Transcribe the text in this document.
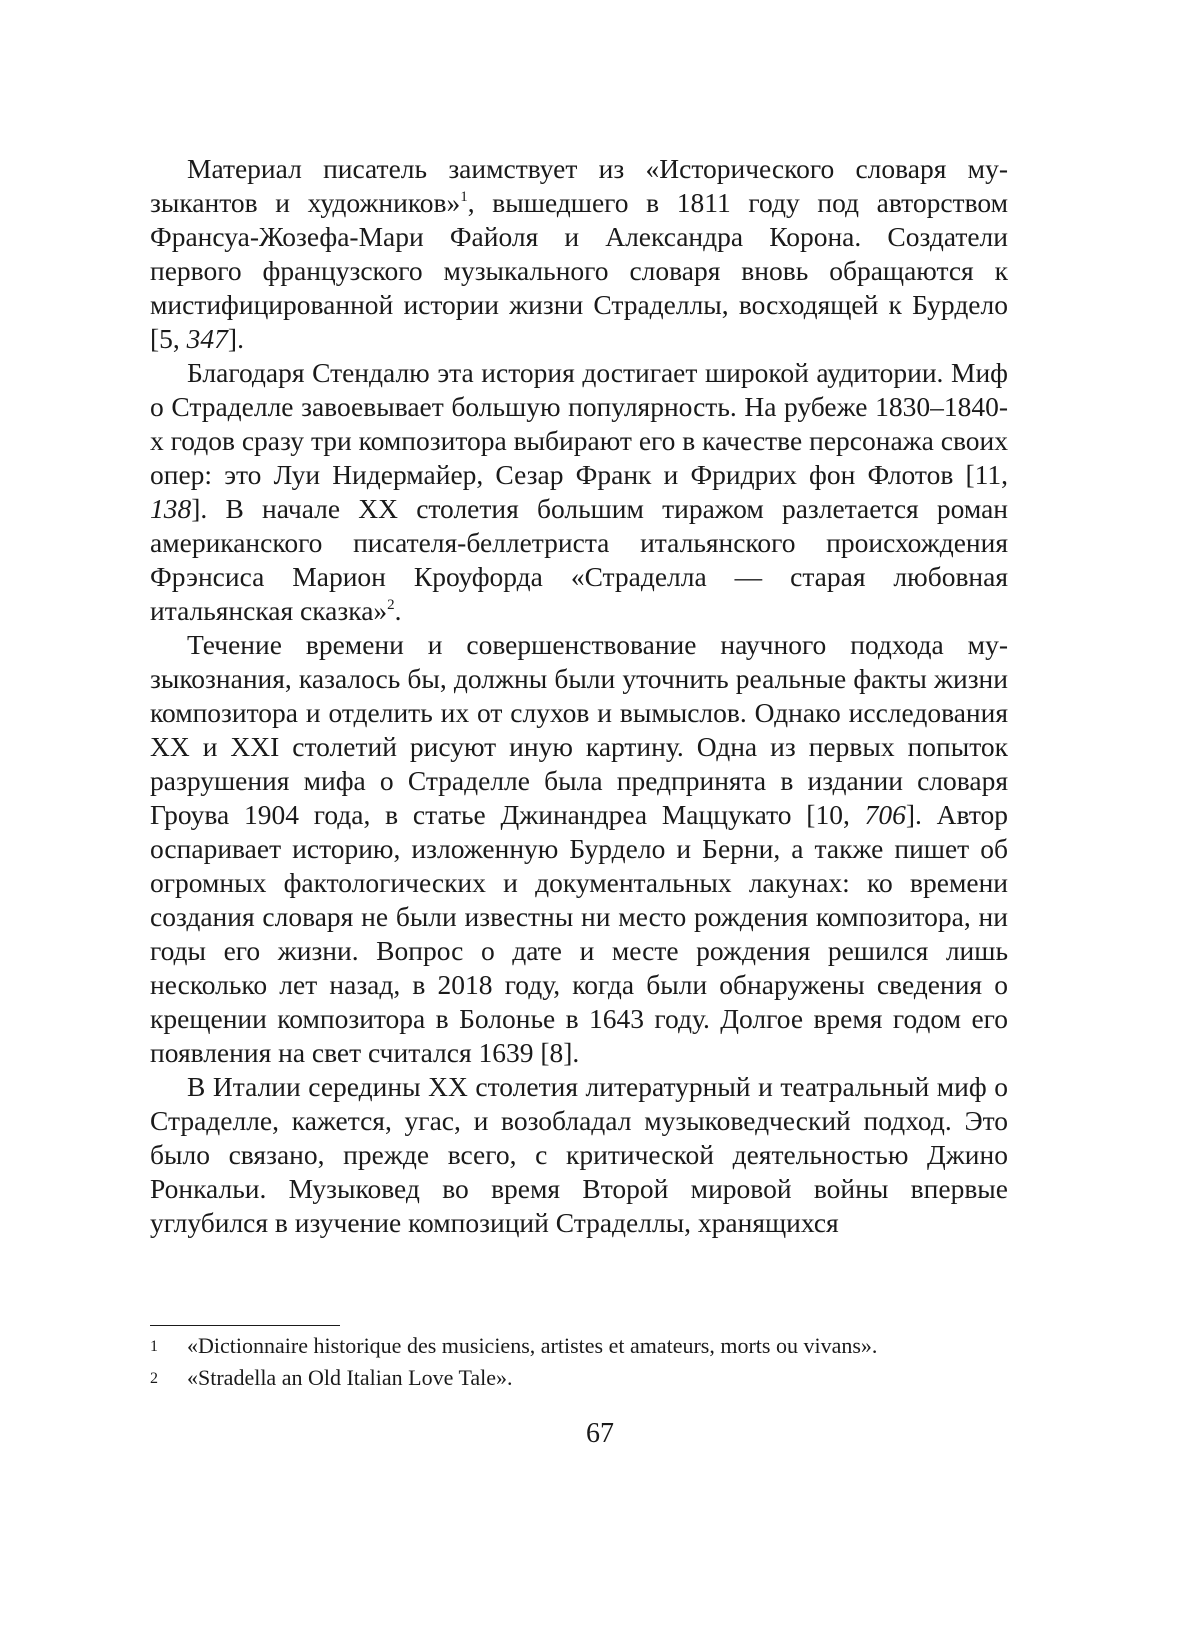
Материал писатель заимствует из «Исторического словаря музыкантов и художников»$^1$, вышедшего в 1811 году под авторством Франсуа-Жозефа-Мари Файоля и Александра Корона. Создатели первого французского музыкального словаря вновь обращаются к мистифицированной истории жизни Страделлы, восходящей к Бурдело [5, 347].

Благодаря Стендалю эта история достигает широкой аудитории. Миф о Страделле завоевывает большую популярность. На рубеже 1830–1840-х годов сразу три композитора выбирают его в качестве персонажа своих опер: это Луи Нидермайер, Сезар Франк и Фридрих фон Флотов [11, 138]. В начале XX столетия большим тиражом разлетается роман американского писателя-беллетриста итальянского происхождения Фрэнсиса Марион Кроуфорда «Страделла — старая любовная итальянская сказка»$^2$.

Течение времени и совершенствование научного подхода музыкознания, казалось бы, должны были уточнить реальные факты жизни композитора и отделить их от слухов и вымыслов. Однако исследования XX и XXI столетий рисуют иную картину. Одна из первых попыток разрушения мифа о Страделле была предпринята в издании словаря Гроува 1904 года, в статье Джинандреа Маццукато [10, 706]. Автор оспаривает историю, изложенную Бурдело и Берни, а также пишет об огромных фактологических и документальных лакунах: ко времени создания словаря не были известны ни место рождения композитора, ни годы его жизни. Вопрос о дате и месте рождения решился лишь несколько лет назад, в 2018 году, когда были обнаружены сведения о крещении композитора в Болонье в 1643 году. Долгое время годом его появления на свет считался 1639 [8].

В Италии середины XX столетия литературный и театральный миф о Страделле, кажется, угас, и возобладал музыковедческий подход. Это было связано, прежде всего, с критической деятельностью Джино Ронкальи. Музыковед во время Второй мировой войны впервые углубился в изучение композиций Страделлы, хранящихся

1	«Dictionnaire historique des musiciens, artistes et amateurs, morts ou vivans».
2	«Stradella an Old Italian Love Tale».
67
